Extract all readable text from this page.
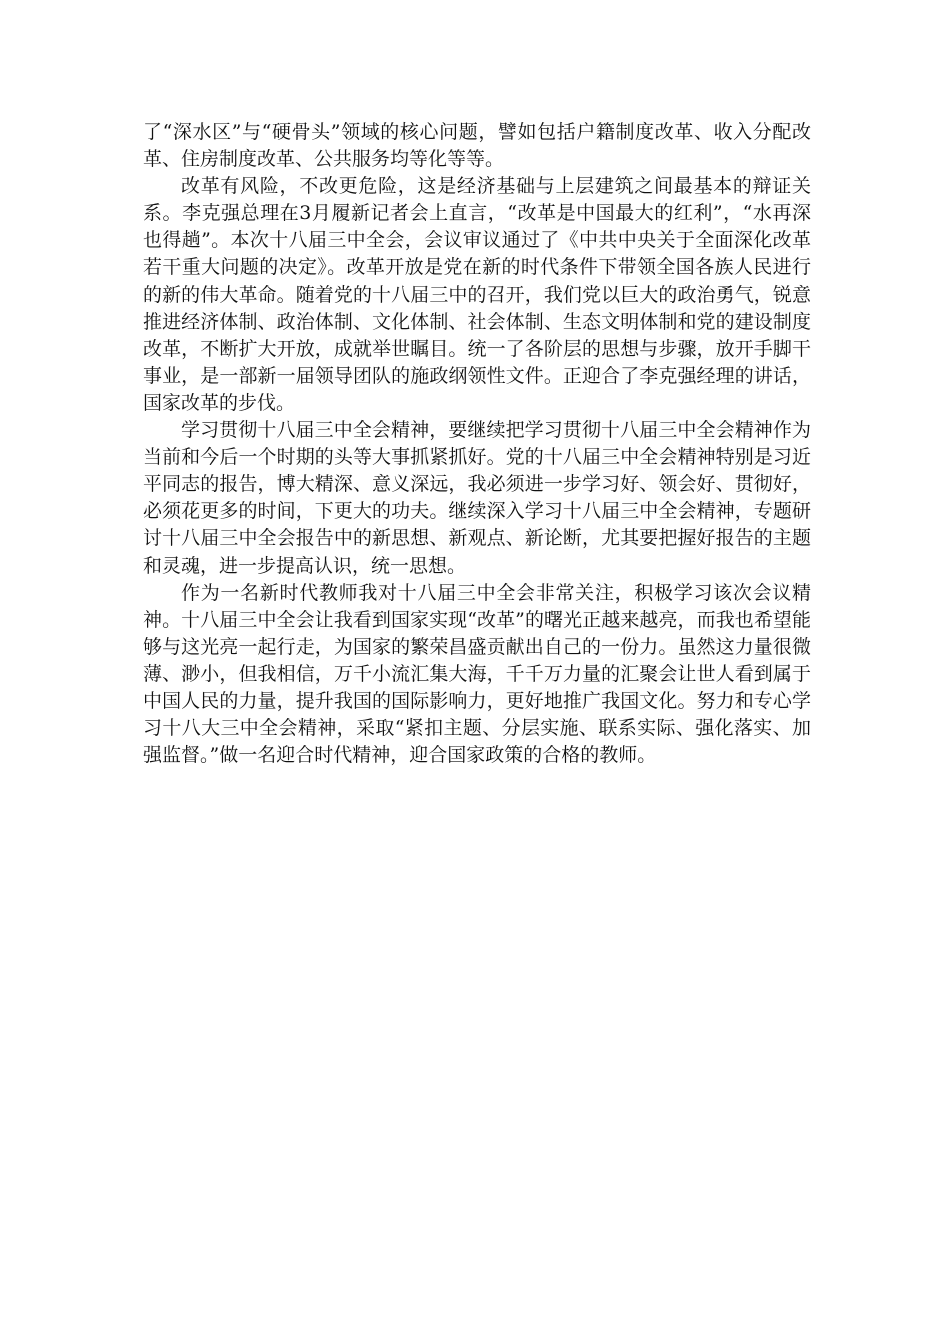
了“深水区”与“硬骨头”领域的核心问题，譬如包括户籍制度改革、收入分配改革、住房制度改革、公共服务均等化等等。

改革有风险，不改更危险，这是经济基础与上层建筑之间最基本的辩证关系。李克强总理在3月履新记者会上直言，“改革是中国最大的红利”，“水再深也得趟”。本次十八届三中全会，会议审议通过了《中共中央关于全面深化改革若干重大问题的决定》。改革开放是党在新的时代条件下带领全国各族人民进行的新的伟大革命。随着党的十八届三中的召开，我们党以巨大的政治勇气，锐意推进经济体制、政治体制、文化体制、社会体制、生态文明体制和党的建设制度改革，不断扩大开放，成就举世瞩目。统一了各阶层的思想与步骤，放开手脚干事业，是一部新一届领导团队的施政纲领性文件。正迎合了李克强经理的讲话，国家改革的步伐。

学习贯彻十八届三中全会精神，要继续把学习贯彻十八届三中全会精神作为当前和今后一个时期的头等大事抓紧抓好。党的十八届三中全会精神特别是习近平同志的报告，博大精深、意义深远，我必须进一步学习好、领会好、贯彻好，必须花更多的时间，下更大的功夫。继续深入学习十八届三中全会精神，专题研讨十八届三中全会报告中的新思想、新观点、新论断，尤其要把握好报告的主题和灵魂，进一步提高认识，统一思想。

作为一名新时代教师我对十八届三中全会非常关注，积极学习该次会议精神。十八届三中全会让我看到国家实现“改革”的曙光正越来越亮，而我也希望能够与这光亮一起行走，为国家的繁荣昌盛贡献出自己的一份力。虽然这力量很微薄、渺小，但我相信，万千小流汇集大海，千千万力量的汇聚会让世人看到属于中国人民的力量，提升我国的国际影响力，更好地推广我国文化。努力和专心学习十八大三中全会精神，采取“紧扣主题、分层实施、联系实际、强化落实、加强监督。”做一名迎合时代精神，迎合国家政策的合格的教师。
